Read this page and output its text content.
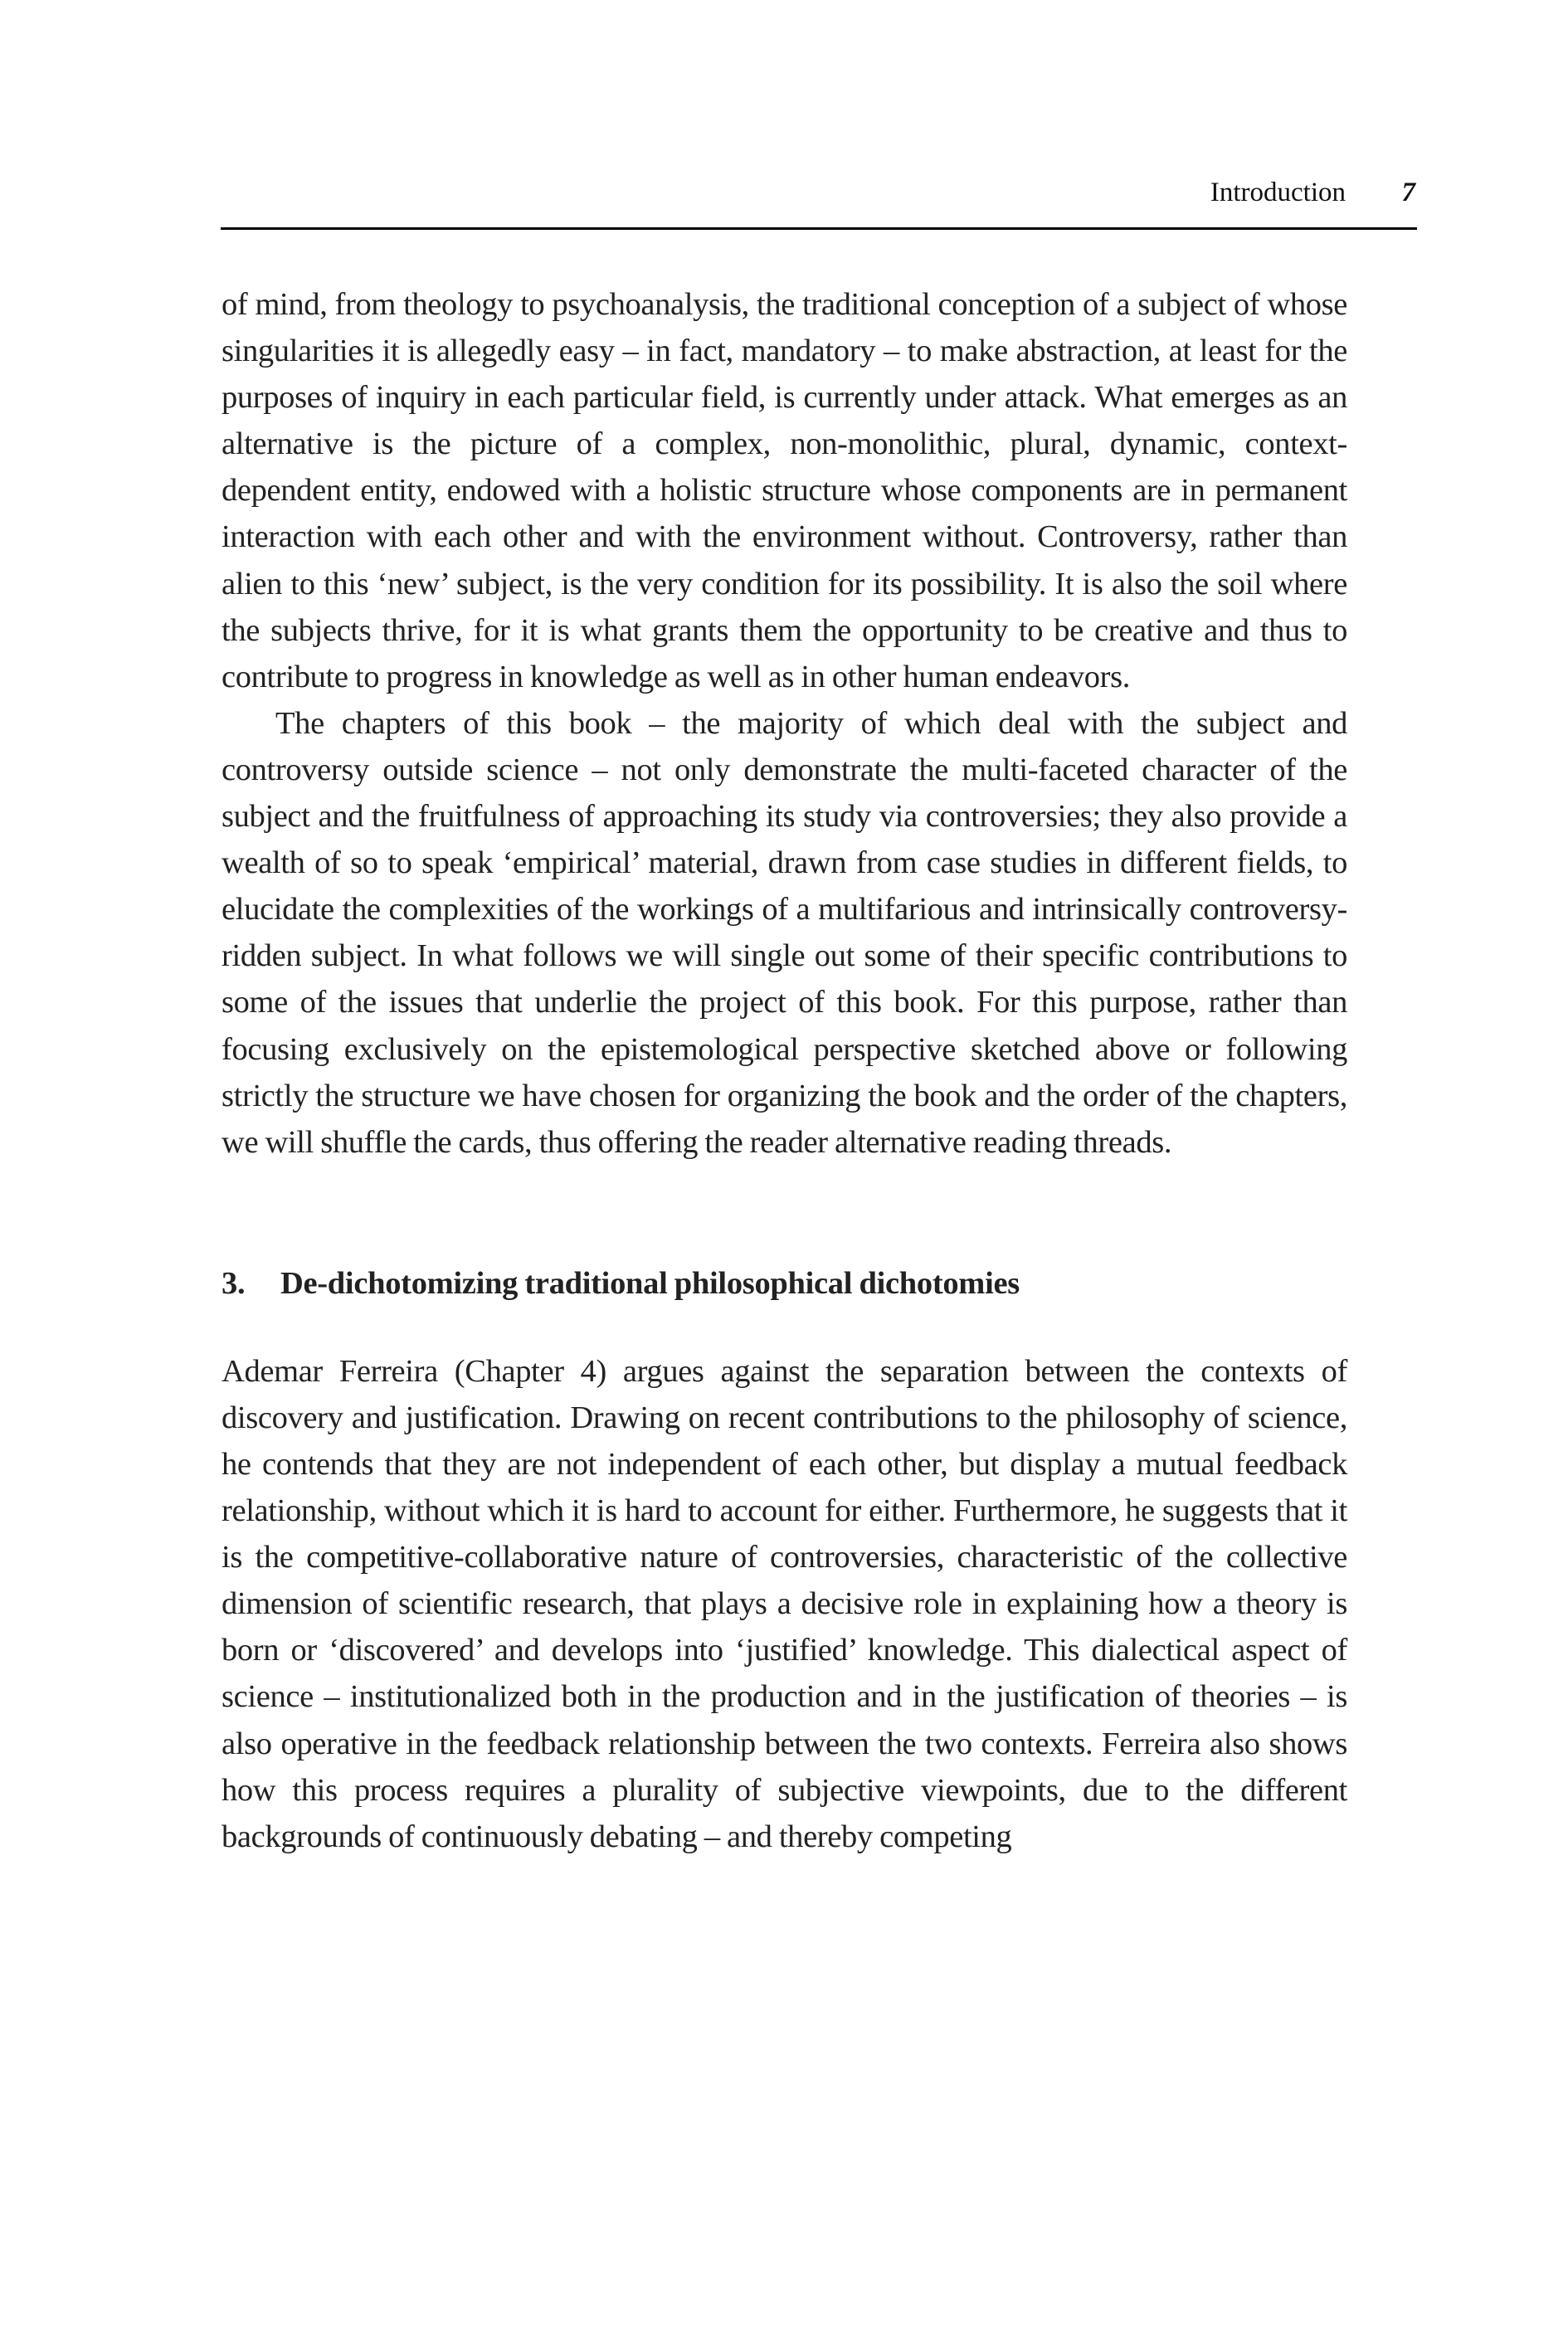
Introduction 7

of mind, from theology to psychoanalysis, the traditional conception of a subject of whose singularities it is allegedly easy – in fact, mandatory – to make abstraction, at least for the purposes of inquiry in each particular field, is currently under attack. What emerges as an alternative is the picture of a complex, non-monolithic, plural, dynamic, context-dependent entity, endowed with a holistic structure whose components are in permanent interaction with each other and with the environment without. Controversy, rather than alien to this ‘new’ subject, is the very condition for its possibility. It is also the soil where the subjects thrive, for it is what grants them the opportunity to be creative and thus to contribute to progress in knowledge as well as in other human endeavors.

The chapters of this book – the majority of which deal with the subject and controversy outside science – not only demonstrate the multi-faceted character of the subject and the fruitfulness of approaching its study via controversies; they also provide a wealth of so to speak ‘empirical’ material, drawn from case studies in different fields, to elucidate the complexities of the workings of a multifarious and intrinsically controversy-ridden subject. In what follows we will single out some of their specific contributions to some of the issues that underlie the project of this book. For this purpose, rather than focusing exclusively on the epistemological perspective sketched above or following strictly the structure we have chosen for organizing the book and the order of the chapters, we will shuffle the cards, thus offering the reader alternative reading threads.

3. De-dichotomizing traditional philosophical dichotomies

Ademar Ferreira (Chapter 4) argues against the separation between the contexts of discovery and justification. Drawing on recent contributions to the philosophy of science, he contends that they are not independent of each other, but display a mutual feedback relationship, without which it is hard to account for either. Furthermore, he suggests that it is the competitive-collaborative nature of controversies, characteristic of the collective dimension of scientific research, that plays a decisive role in explaining how a theory is born or ‘discovered’ and develops into ‘justified’ knowledge. This dialectical aspect of science – institutionalized both in the production and in the justification of theories – is also operative in the feedback relationship between the two contexts. Ferreira also shows how this process requires a plurality of subjective viewpoints, due to the different backgrounds of continuously debating – and thereby competing
